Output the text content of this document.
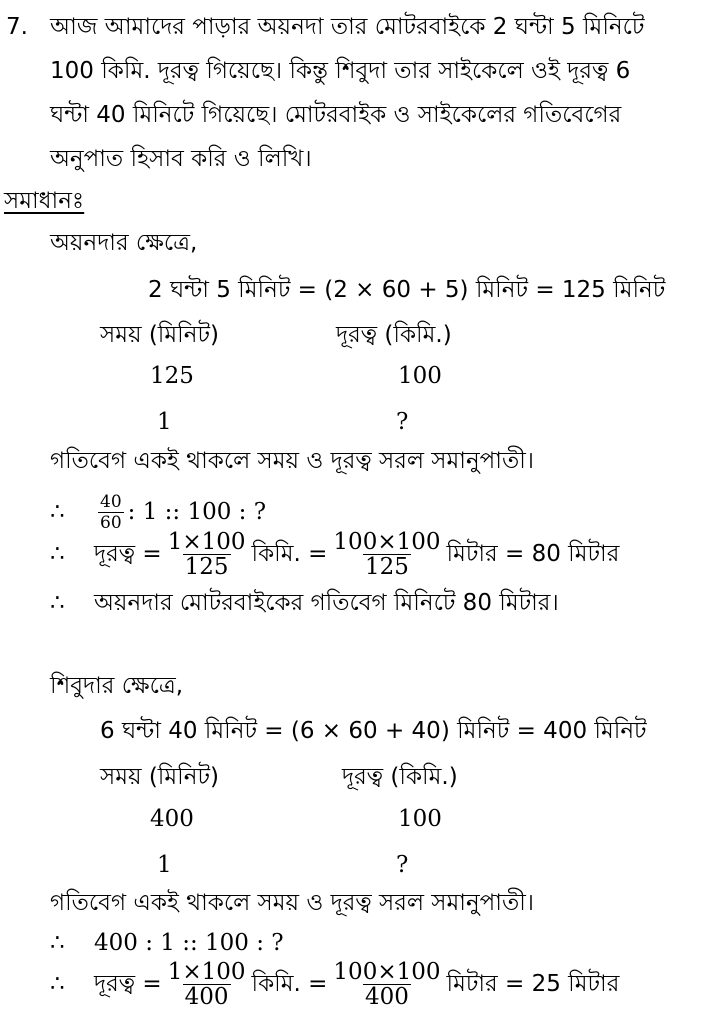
7. আজ আমাদের পাড়ার অয়নদা তার মোটরবাইকে 2 ঘন্টা 5 মিনিটে
100 কিমি. দূরত্ব গিয়েছে। কিন্তু শিবুদা তার সাইকেলে ওই দূরত্ব 6
ঘন্টা 40 মিনিটে গিয়েছে। মোটরবাইক ও সাইকেলের গতিবেগের
অনুপাত হিসাব করি ও লিখি।
সমাধানঃ
অয়নদার ক্ষেত্রে,
2 ঘন্টা 5 মিনিট = (2 × 60 + 5) মিনিট = 125 মিনিট
সময় (মিনিট)	দূরত্ব (কিমি.)
125	100
1	?
গতিবেগ একই থাকলে সময় ও দূরত্ব সরল সমানুপাতী।
∴ $\frac{40}{60}$ : 1 :: 100 : ?
∴ দূরত্ব = $\frac{1\times 100}{125}$ কিমি. = $\frac{100\times 100}{125}$ মিটার = 80 মিটার
∴ অয়নদার মোটরবাইকের গতিবেগ মিনিটে 80 মিটার।
শিবুদার ক্ষেত্রে,
6 ঘন্টা 40 মিনিট = (6 × 60 + 40) মিনিট = 400 মিনিট
সময় (মিনিট)	দূরত্ব (কিমি.)
400	100
1	?
গতিবেগ একই থাকলে সময় ও দূরত্ব সরল সমানুপাতী।
∴ 400 : 1 :: 100 : ?
∴ দূরত্ব = $\frac{1\times 100}{400}$ কিমি. = $\frac{100\times 100}{400}$ মিটার = 25 মিটার
